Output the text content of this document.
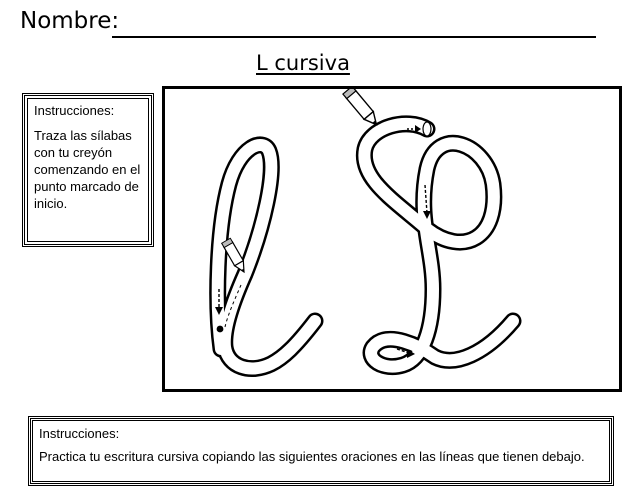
Nombre:
L cursiva

Instrucciones:

Traza las sílabas con tu creyón comenzando en el punto marcado de inicio.

Instrucciones:

Practica tu escritura cursiva copiando las siguientes oraciones en las líneas que tienen debajo.
